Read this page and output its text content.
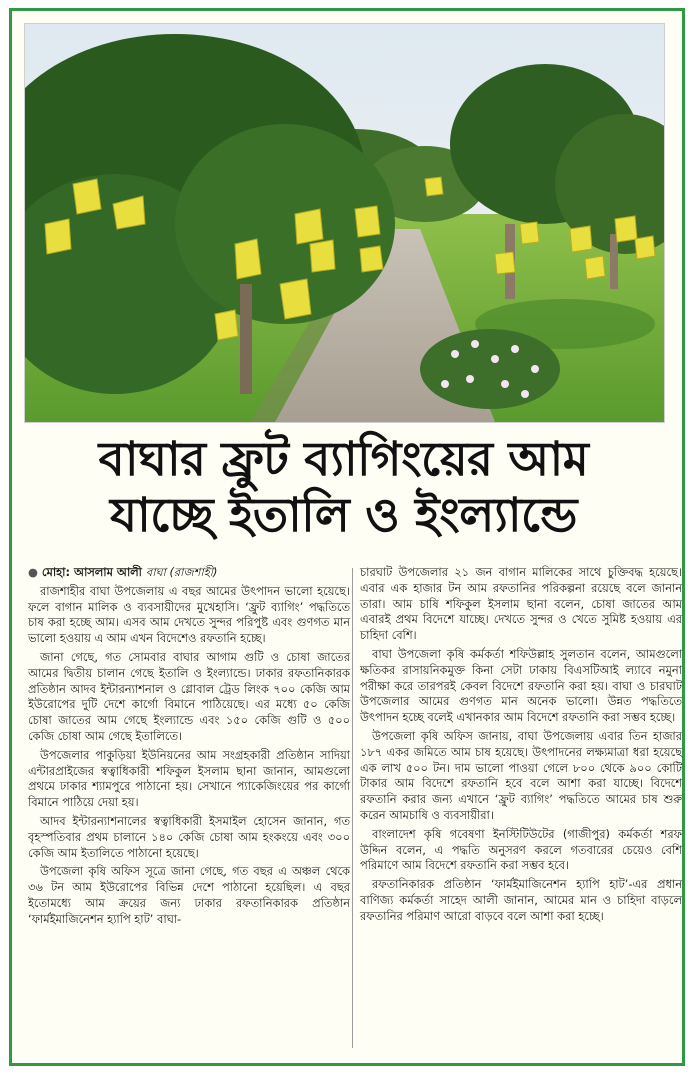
বাঘার ফ্রুট ব্যাগিংয়ের আম
যাচ্ছে ইতালি ও ইংল্যান্ডে

● মোহা: আসলাম আলী বাঘা (রাজশাহী)

রাজশাহীর বাঘা উপজেলায় এ বছর আমের উৎপাদন ভালো হয়েছে। ফলে বাগান মালিক ও ব্যবসায়ীদের মুখেহাসি। ‘ফ্রুট ব্যাগিং’ পদ্ধতিতে চাষ করা হচ্ছে আম। এসব আম দেখতে সুন্দর পরিপুষ্ট এবং গুণগত মান ভালো হওয়ায় এ আম এখন বিদেশেও রফতানি হচ্ছে।

জানা গেছে, গত সোমবার বাঘার আগাম গুটি ও চোষা জাতের আমের দ্বিতীয় চালান গেছে ইতালি ও ইংল্যান্ডে। ঢাকার রফতানিকারক প্রতিষ্ঠান আদব ইন্টারন্যাশনাল ও গ্লোবাল ট্রেড লিংক ৭০০ কেজি আম ইউরোপের দুটি দেশে কার্গো বিমানে পাঠিয়েছে। এর মধ্যে ৫০ কেজি চোষা জাতের আম গেছে ইংল্যান্ডে এবং ১৫০ কেজি গুটি ও ৫০০ কেজি চোষা আম গেছে ইতালিতে।

উপজেলার পাকুড়িয়া ইউনিয়নের আম সংগ্রহকারী প্রতিষ্ঠান সাদিয়া এন্টারপ্রাইজের স্বত্বাধিকারী শফিকুল ইসলাম ছানা জানান, আমগুলো প্রথমে ঢাকার শ্যামপুরে পাঠানো হয়। সেখানে প্যাকেজিংয়ের পর কার্গো বিমানে পাঠিয়ে দেয়া হয়।

আদব ইন্টারন্যাশনালের স্বত্বাধিকারী ইসমাইল হোসেন জানান, গত বৃহস্পতিবার প্রথম চালানে ১৪০ কেজি চোষা আম হংকংয়ে এবং ৩০০ কেজি আম ইতালিতে পাঠানো হয়েছে।

উপজেলা কৃষি অফিস সূত্রে জানা গেছে, গত বছর এ অঞ্চল থেকে ৩৬ টন আম ইউরোপের বিভিন্ন দেশে পাঠানো হয়েছিল। এ বছর ইতোমধ্যে আম ক্রয়ের জন্য ঢাকার রফতানিকারক প্রতিষ্ঠান ‘ফার্মইমাজিনেশন হ্যাপি হাট’ বাঘা-

চারঘাট উপজেলার ২১ জন বাগান মালিকের সাথে চুক্তিবদ্ধ হয়েছে। এবার এক হাজার টন আম রফতানির পরিকল্পনা রয়েছে বলে জানান তারা। আম চাষি শফিকুল ইসলাম ছানা বলেন, চোষা জাতের আম এবারই প্রথম বিদেশে যাচ্ছে। দেখতে সুন্দর ও খেতে সুমিষ্ট হওয়ায় এর চাহিদা বেশি।

বাঘা উপজেলা কৃষি কর্মকর্তা শফিউল্লাহ সুলতান বলেন, আমগুলো ক্ষতিকর রাসায়নিকমুক্ত কিনা সেটা ঢাকায় বিএসটিআই ল্যাবে নমুনা পরীক্ষা করে তারপরই কেবল বিদেশে রফতানি করা হয়। বাঘা ও চারঘাট উপজেলার আমের গুণগত মান অনেক ভালো। উন্নত পদ্ধতিতে উৎপাদন হচ্ছে বলেই এখানকার আম বিদেশে রফতানি করা সম্ভব হচ্ছে।

উপজেলা কৃষি অফিস জানায়, বাঘা উপজেলায় এবার তিন হাজার ১৮৭ একর জমিতে আম চাষ হয়েছে। উৎপাদনের লক্ষ্যমাত্রা ধরা হয়েছে এক লাখ ৫০০ টন। দাম ভালো পাওয়া গেলে ৮০০ থেকে ৯০০ কোটি টাকার আম বিদেশে রফতানি হবে বলে আশা করা যাচ্ছে। বিদেশে রফতানি করার জন্য এখানে ‘ফ্রুট ব্যাগিং’ পদ্ধতিতে আমের চাষ শুরু করেন আমচাষি ও ব্যবসায়ীরা।

বাংলাদেশ কৃষি গবেষণা ইনস্টিটিউটের (গাজীপুর) কর্মকর্তা শরফ উদ্দিন বলেন, এ পদ্ধতি অনুসরণ করলে গতবারের চেয়েও বেশি পরিমাণে আম বিদেশে রফতানি করা সম্ভব হবে।

রফতানিকারক প্রতিষ্ঠান ‘ফার্মইমাজিনেশন হ্যাপি হাট’-এর প্রধান বাণিজ্য কর্মকর্তা সাহেদ আলী জানান, আমের মান ও চাহিদা বাড়লে রফতানির পরিমাণ আরো বাড়বে বলে আশা করা হচ্ছে।
